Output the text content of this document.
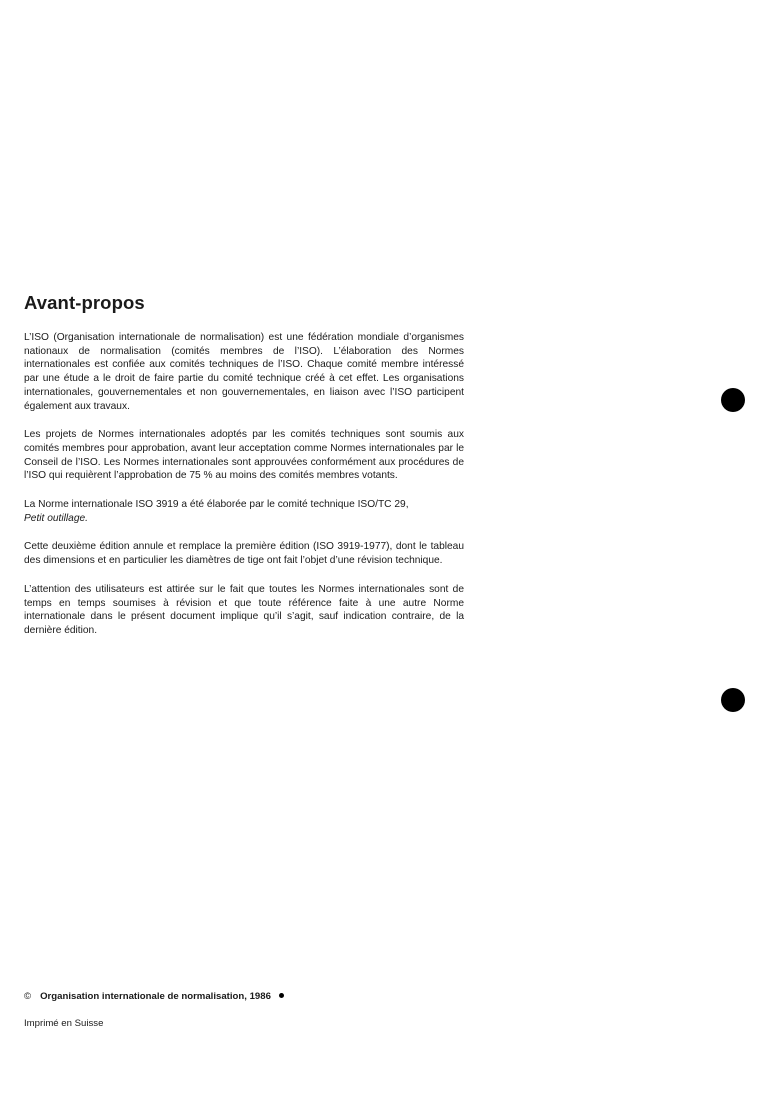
Avant-propos

L’ISO (Organisation internationale de normalisation) est une fédération mondiale d’organismes nationaux de normalisation (comités membres de l’ISO). L’élaboration des Normes internationales est confiée aux comités techniques de l’ISO. Chaque comité membre intéressé par une étude a le droit de faire partie du comité technique créé à cet effet. Les organisations internationales, gouvernementales et non gouvernementales, en liaison avec l’ISO participent également aux travaux.

Les projets de Normes internationales adoptés par les comités techniques sont soumis aux comités membres pour approbation, avant leur acceptation comme Normes internationales par le Conseil de l’ISO. Les Normes internationales sont approuvées conformément aux procédures de l’ISO qui requièrent l’approbation de 75 % au moins des comités membres votants.

La Norme internationale ISO 3919 a été élaborée par le comité technique ISO/TC 29,
Petit outillage.

Cette deuxième édition annule et remplace la première édition (ISO 3919-1977), dont le tableau des dimensions et en particulier les diamètres de tige ont fait l’objet d’une révision technique.

L’attention des utilisateurs est attirée sur le fait que toutes les Normes internationales sont de temps en temps soumises à révision et que toute référence faite à une autre Norme internationale dans le présent document implique qu’il s’agit, sauf indication contraire, de la dernière édition.

© Organisation internationale de normalisation, 1986
Imprimé en Suisse
